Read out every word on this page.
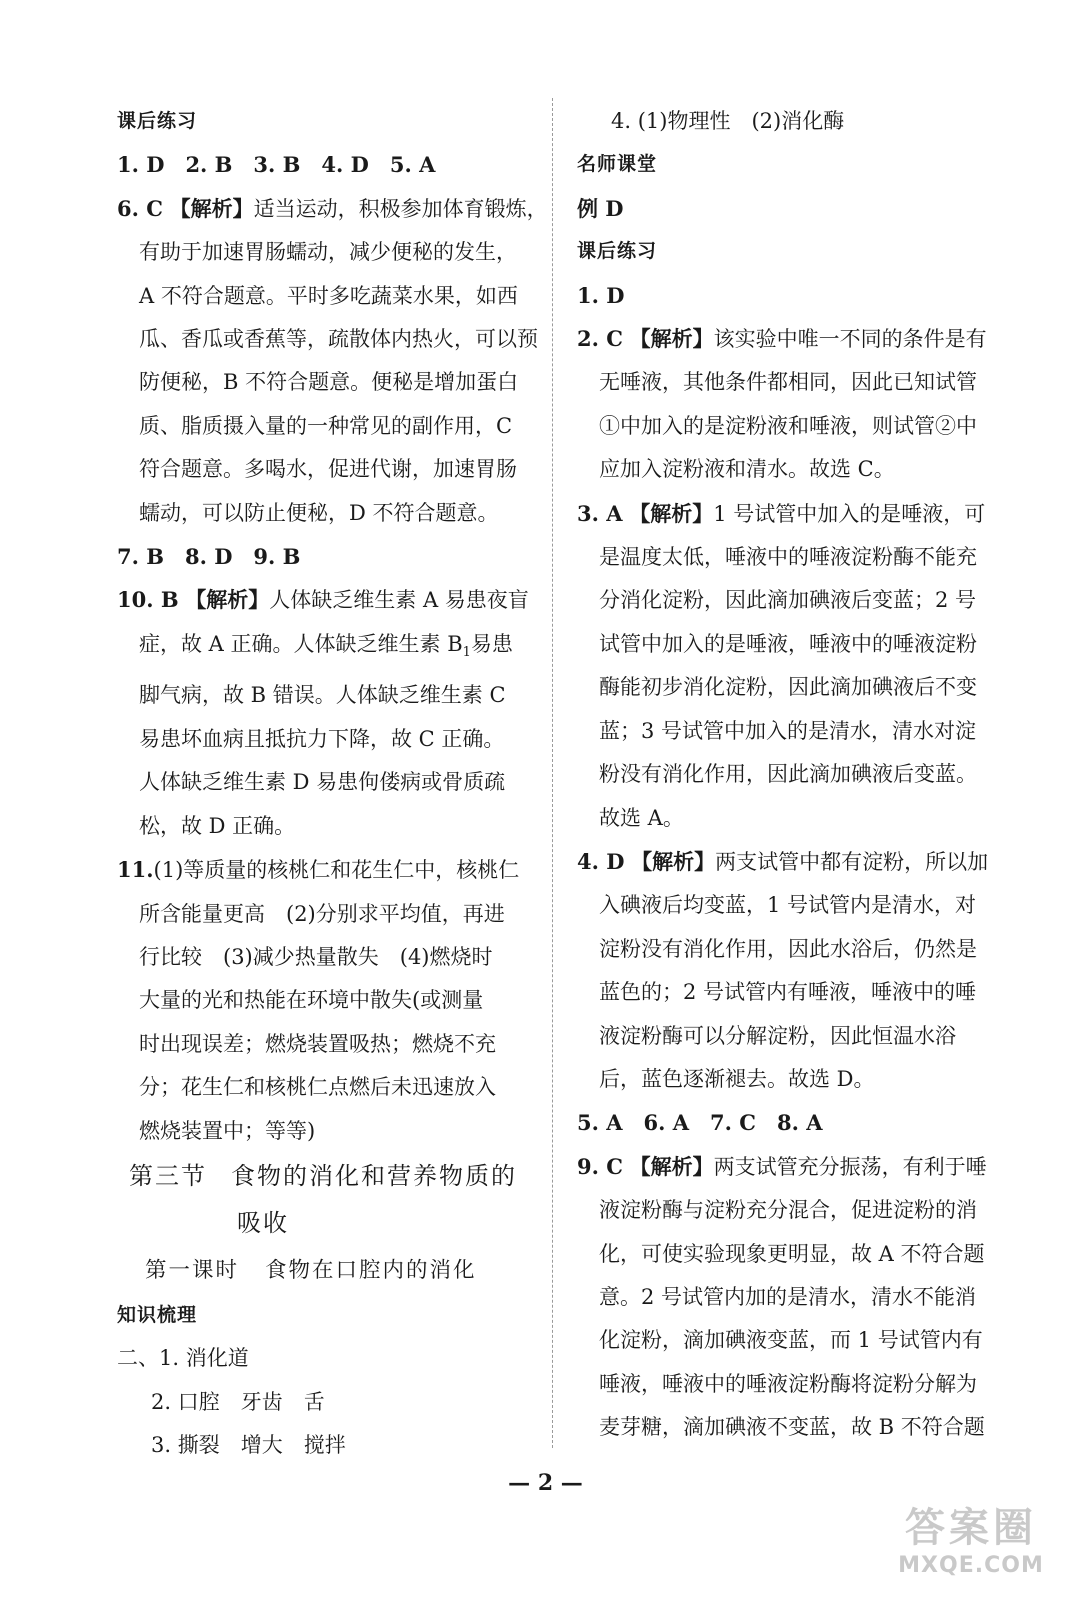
课后练习
1. D　2. B　3. B　4. D　5. A
6. C 【解析】适当运动，积极参加体育锻炼，
有助于加速胃肠蠕动，减少便秘的发生，
A 不符合题意。平时多吃蔬菜水果，如西
瓜、香瓜或香蕉等，疏散体内热火，可以预
防便秘，B 不符合题意。便秘是增加蛋白
质、脂质摄入量的一种常见的副作用，C
符合题意。多喝水，促进代谢，加速胃肠
蠕动，可以防止便秘，D 不符合题意。
7. B　8. D　9. B
10. B 【解析】人体缺乏维生素 A 易患夜盲
症，故 A 正确。人体缺乏维生素 $B_1$易患
脚气病，故 B 错误。人体缺乏维生素 C
易患坏血病且抵抗力下降，故 C 正确。
人体缺乏维生素 D 易患佝偻病或骨质疏
松，故 D 正确。
11.(1)等质量的核桃仁和花生仁中，核桃仁
所含能量更高　(2)分别求平均值，再进
行比较　(3)减少热量散失　(4)燃烧时
大量的光和热能在环境中散失(或测量
时出现误差；燃烧装置吸热；燃烧不充
分；花生仁和核桃仁点燃后未迅速放入
燃烧装置中；等等)
第三节 食物的消化和营养物质的
吸收
第一课时 食物在口腔内的消化
知识梳理
二、1. 消化道
2. 口腔　牙齿　舌
3. 撕裂　增大　搅拌
4. (1)物理性　(2)消化酶
名师课堂
例 D
课后练习
1. D
2. C 【解析】该实验中唯一不同的条件是有
无唾液，其他条件都相同，因此已知试管
①中加入的是淀粉液和唾液，则试管②中
应加入淀粉液和清水。故选 C。
3. A 【解析】1 号试管中加入的是唾液，可
是温度太低，唾液中的唾液淀粉酶不能充
分消化淀粉，因此滴加碘液后变蓝；2 号
试管中加入的是唾液，唾液中的唾液淀粉
酶能初步消化淀粉，因此滴加碘液后不变
蓝；3 号试管中加入的是清水，清水对淀
粉没有消化作用，因此滴加碘液后变蓝。
故选 A。
4. D 【解析】两支试管中都有淀粉，所以加
入碘液后均变蓝，1 号试管内是清水，对
淀粉没有消化作用，因此水浴后，仍然是
蓝色的；2 号试管内有唾液，唾液中的唾
液淀粉酶可以分解淀粉，因此恒温水浴
后，蓝色逐渐褪去。故选 D。
5. A　6. A　7. C　8. A
9. C 【解析】两支试管充分振荡，有利于唾
液淀粉酶与淀粉充分混合，促进淀粉的消
化，可使实验现象更明显，故 A 不符合题
意。2 号试管内加的是清水，清水不能消
化淀粉，滴加碘液变蓝，而 1 号试管内有
唾液，唾液中的唾液淀粉酶将淀粉分解为
麦芽糖，滴加碘液不变蓝，故 B 不符合题
— 2 —
答案圈
MXQE.COM
